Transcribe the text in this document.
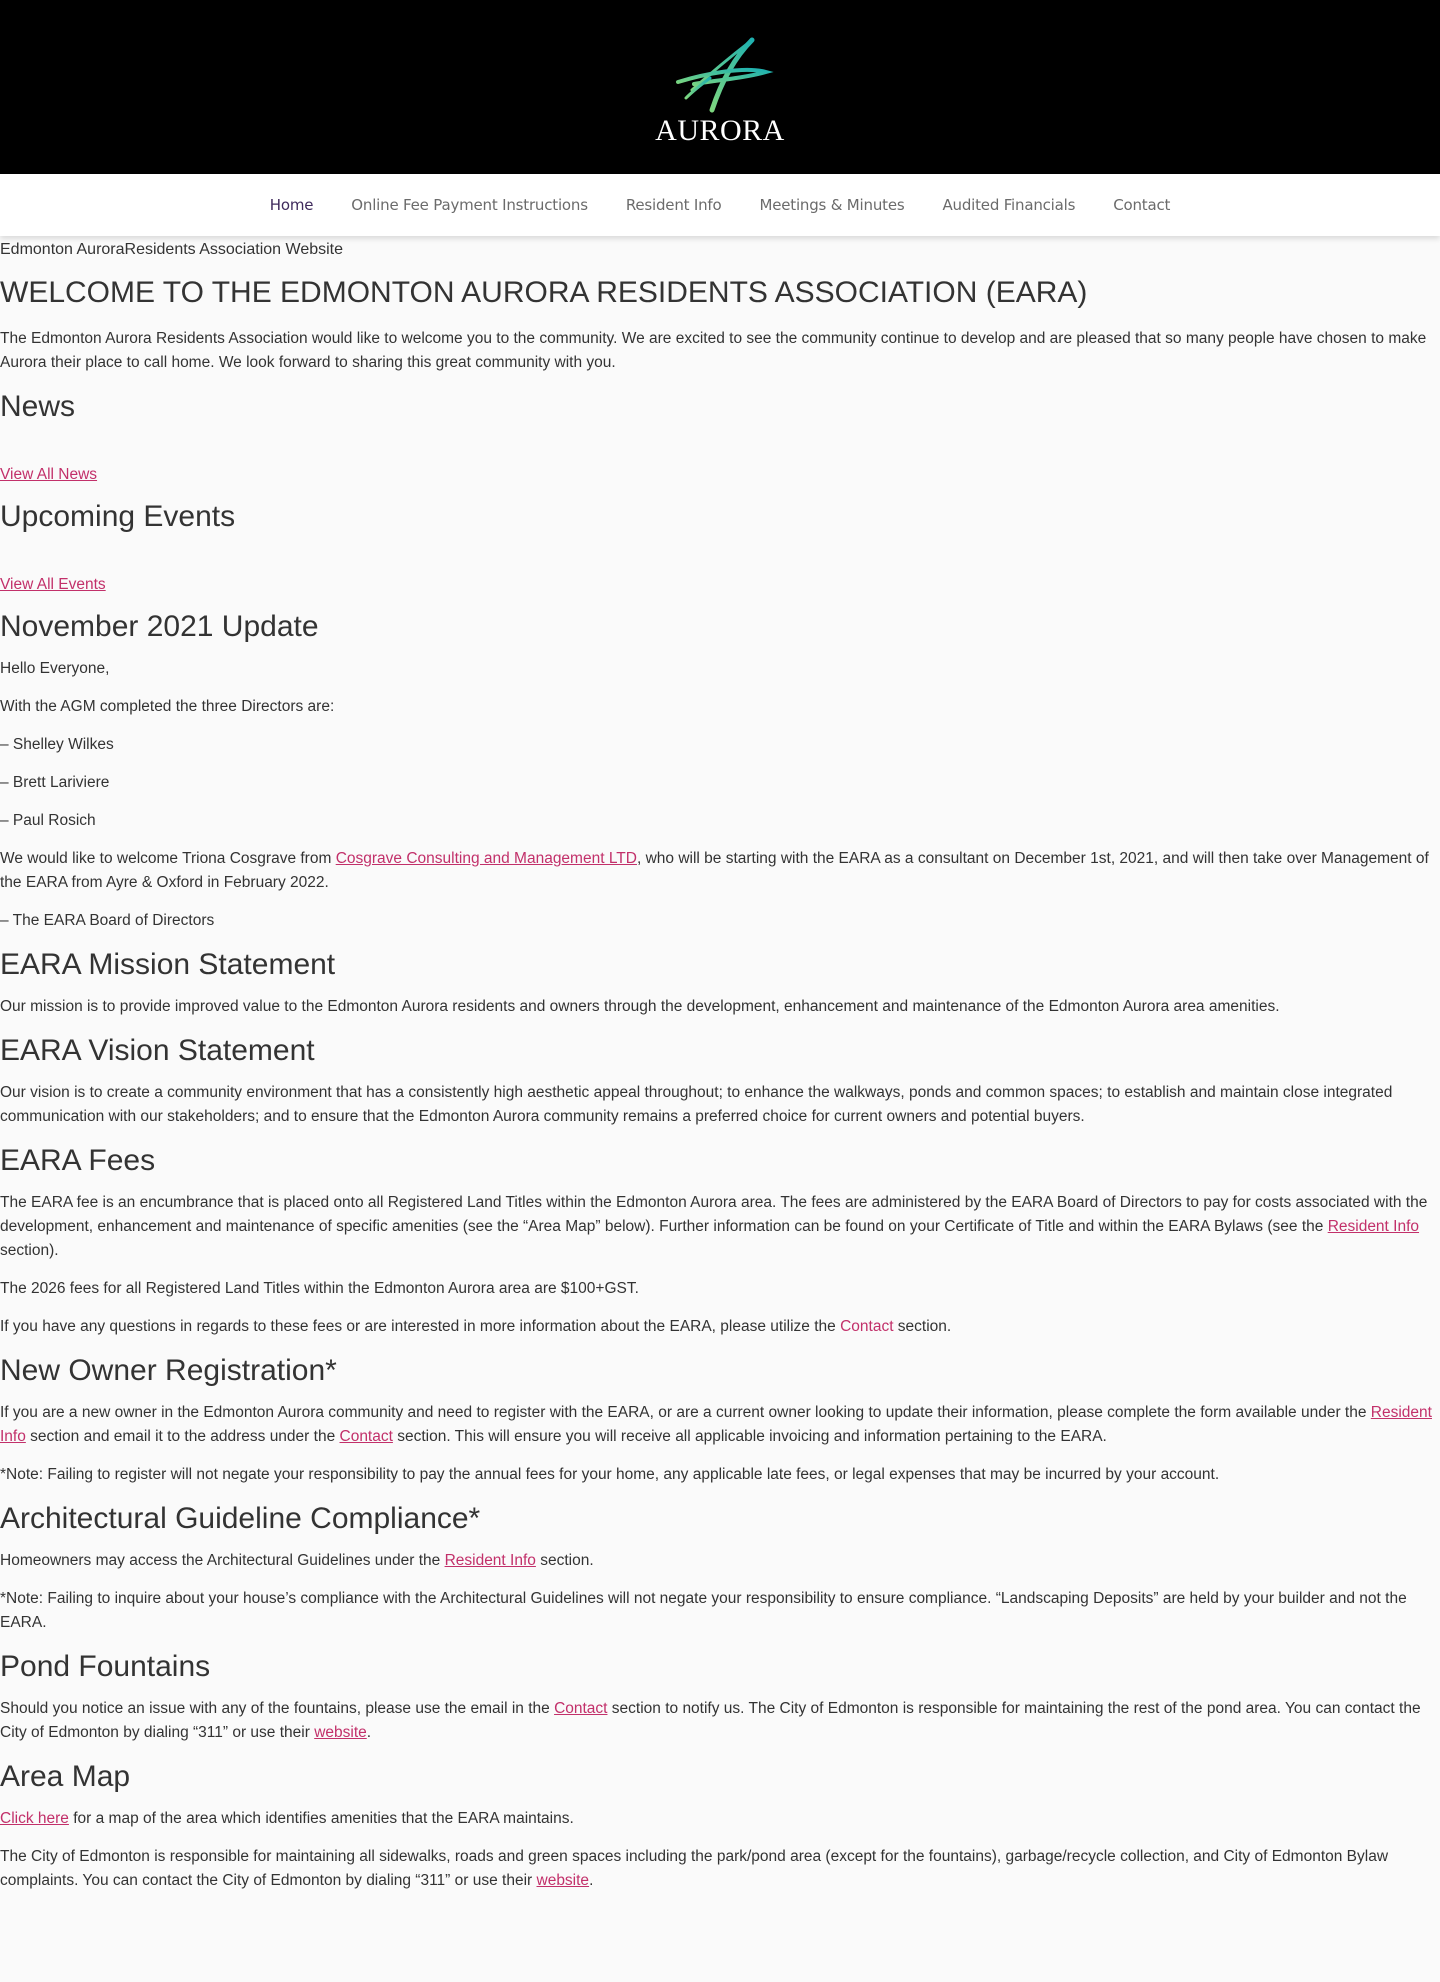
AURORA
Home	Online Fee Payment Instructions	Resident Info	Meetings & Minutes	Audited Financials	Contact
Edmonton AuroraResidents Association Website
WELCOME TO THE EDMONTON AURORA RESIDENTS ASSOCIATION (EARA)

The Edmonton Aurora Residents Association would like to welcome you to the community. We are excited to see the community continue to develop and are pleased that so many people have chosen to make Aurora their place to call home. We look forward to sharing this great community with you.

News
View All News
Upcoming Events
View All Events
November 2021 Update

Hello Everyone,

With the AGM completed the three Directors are:

– Shelley Wilkes

– Brett Lariviere

– Paul Rosich

We would like to welcome Triona Cosgrave from Cosgrave Consulting and Management LTD, who will be starting with the EARA as a consultant on December 1st, 2021, and will then take over Management of the EARA from Ayre & Oxford in February 2022.

– The EARA Board of Directors

EARA Mission Statement

Our mission is to provide improved value to the Edmonton Aurora residents and owners through the development, enhancement and maintenance of the Edmonton Aurora area amenities.

EARA Vision Statement

Our vision is to create a community environment that has a consistently high aesthetic appeal throughout; to enhance the walkways, ponds and common spaces; to establish and maintain close integrated communication with our stakeholders; and to ensure that the Edmonton Aurora community remains a preferred choice for current owners and potential buyers.

EARA Fees

The EARA fee is an encumbrance that is placed onto all Registered Land Titles within the Edmonton Aurora area. The fees are administered by the EARA Board of Directors to pay for costs associated with the development, enhancement and maintenance of specific amenities (see the “Area Map” below). Further information can be found on your Certificate of Title and within the EARA Bylaws (see the Resident Info section).

The 2026 fees for all Registered Land Titles within the Edmonton Aurora area are $100+GST.

If you have any questions in regards to these fees or are interested in more information about the EARA, please utilize the Contact section.

New Owner Registration*

If you are a new owner in the Edmonton Aurora community and need to register with the EARA, or are a current owner looking to update their information, please complete the form available under the Resident Info section and email it to the address under the Contact section. This will ensure you will receive all applicable invoicing and information pertaining to the EARA.

*Note: Failing to register will not negate your responsibility to pay the annual fees for your home, any applicable late fees, or legal expenses that may be incurred by your account.

Architectural Guideline Compliance*

Homeowners may access the Architectural Guidelines under the Resident Info section.

*Note: Failing to inquire about your house’s compliance with the Architectural Guidelines will not negate your responsibility to ensure compliance. “Landscaping Deposits” are held by your builder and not the EARA.

Pond Fountains

Should you notice an issue with any of the fountains, please use the email in the Contact section to notify us. The City of Edmonton is responsible for maintaining the rest of the pond area. You can contact the City of Edmonton by dialing “311” or use their website.

Area Map

Click here for a map of the area which identifies amenities that the EARA maintains.

The City of Edmonton is responsible for maintaining all sidewalks, roads and green spaces including the park/pond area (except for the fountains), garbage/recycle collection, and City of Edmonton Bylaw complaints. You can contact the City of Edmonton by dialing “311” or use their website.
